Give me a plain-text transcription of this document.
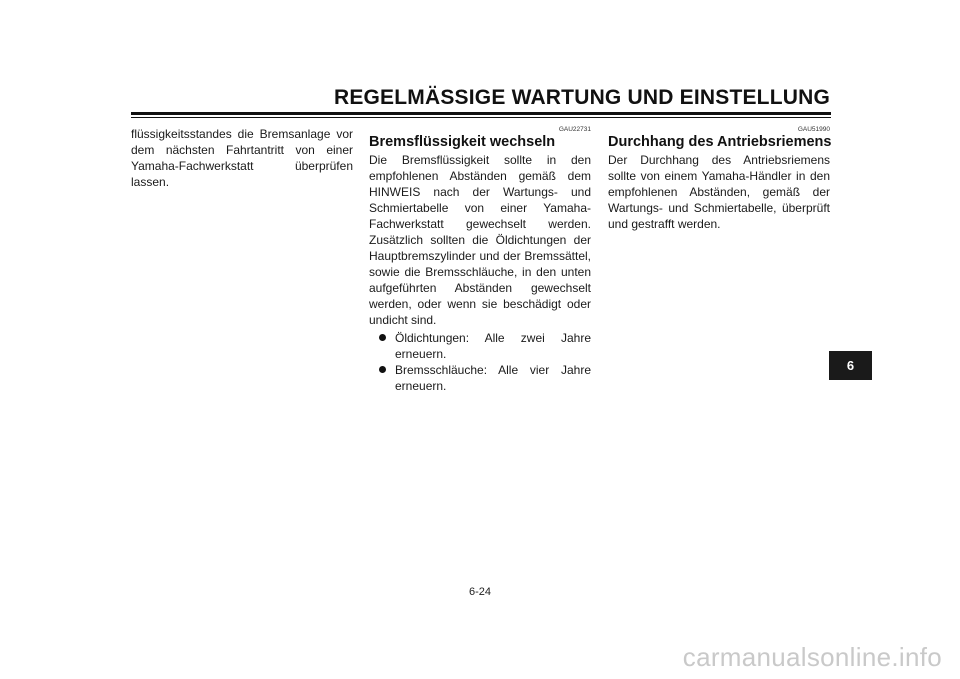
REGELMÄSSIGE WARTUNG UND EINSTELLUNG

flüssigkeitsstandes die Bremsanlage vor dem nächsten Fahrtantritt von einer Yamaha-Fachwerkstatt überprüfen lassen.

GAU22731
Bremsflüssigkeit wechseln

Die Bremsflüssigkeit sollte in den empfohlenen Abständen gemäß dem HINWEIS nach der Wartungs- und Schmiertabelle von einer Yamaha-Fachwerkstatt gewechselt werden. Zusätzlich sollten die Öldichtungen der Hauptbremszylinder und der Bremssättel, sowie die Bremsschläuche, in den unten aufgeführten Abständen gewechselt werden, oder wenn sie beschädigt oder undicht sind.

Öldichtungen: Alle zwei Jahre erneuern.
Bremsschläuche: Alle vier Jahre erneuern.
GAU51990
Durchhang des Antriebsriemens

Der Durchhang des Antriebsriemens sollte von einem Yamaha-Händler in den empfohlenen Abständen, gemäß der Wartungs- und Schmiertabelle, überprüft und gestrafft werden.

6
6-24
carmanualsonline.info
